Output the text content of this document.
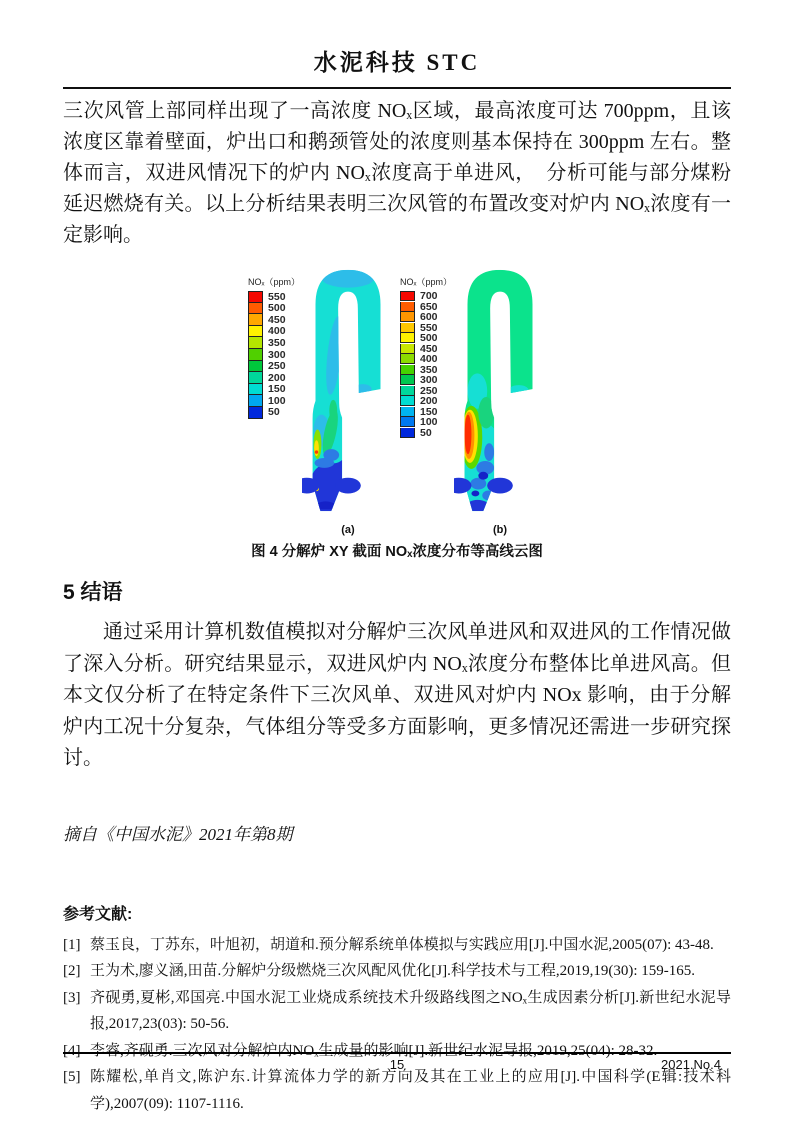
水泥科技 STC

三次风管上部同样出现了一高浓度 NOₓ区域，最高浓度可达 700ppm，且该浓度区靠着壁面，炉出口和鹅颈管处的浓度则基本保持在 300ppm 左右。整体而言，双进风情况下的炉内 NOₓ浓度高于单进风，　分析可能与部分煤粉延迟燃烧有关。以上分析结果表明三次风管的布置改变对炉内 NOₓ浓度有一定影响。

NOₓ（ppm）
550
500
450
400
350
300
250
200
150
100
50
(a)
NOₓ（ppm）
700
650
600
550
500
450
400
350
300
250
200
150
100
50
(b)
图 4 分解炉 XY 截面 NOₓ浓度分布等高线云图
5 结语

通过采用计算机数值模拟对分解炉三次风单进风和双进风的工作情况做了深入分析。研究结果显示，双进风炉内 NOₓ浓度分布整体比单进风高。但本文仅分析了在特定条件下三次风单、双进风对炉内 NOx 影响，由于分解炉内工况十分复杂，气体组分等受多方面影响，更多情况还需进一步研究探讨。

摘自《中国水泥》2021年第8期
参考文献:
[1] 蔡玉良，丁苏东，叶旭初，胡道和.预分解系统单体模拟与实践应用[J].中国水泥,2005(07): 43-48.
[2] 王为术,廖义涵,田苗.分解炉分级燃烧三次风配风优化[J].科学技术与工程,2019,19(30): 159-165.
[3] 齐砚勇,夏彬,邓国亮.中国水泥工业烧成系统技术升级路线图之NOₓ生成因素分析[J].新世纪水泥导报,2017,23(03): 50-56.
[4] 李睿,齐砚勇.三次风对分解炉内NOₓ生成量的影响[J].新世纪水泥导报,2019,25(04): 28-32.
[5] 陈耀松,单肖文,陈沪东.计算流体力学的新方向及其在工业上的应用[J].中国科学(E辑:技术科学),2007(09): 1107-1116.
15	2021.No.4
